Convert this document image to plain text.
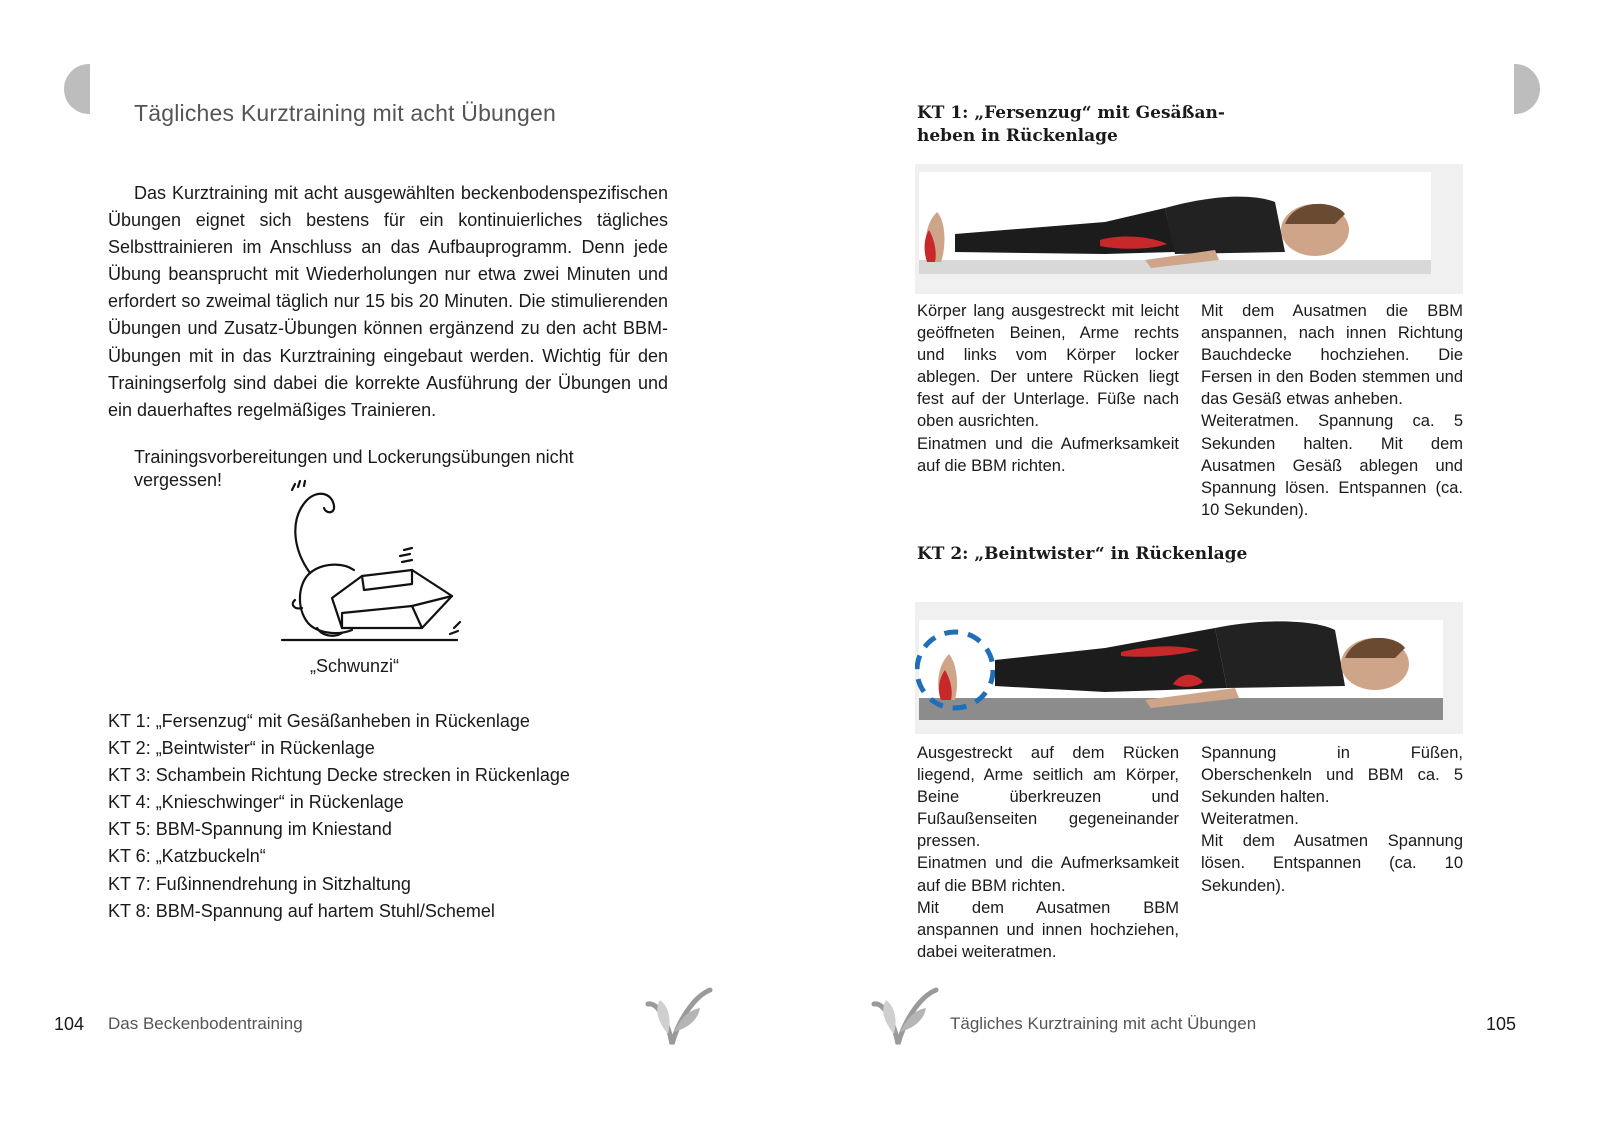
Tägliches Kurztraining mit acht Übungen

Das Kurztraining mit acht ausgewählten beckenbodenspezifischen Übungen eignet sich bestens für ein kontinuierliches tägliches Selbsttrainieren im Anschluss an das Aufbauprogramm. Denn jede Übung beansprucht mit Wiederholungen nur etwa zwei Minuten und erfordert so zweimal täglich nur 15 bis 20 Minuten. Die stimulierenden Übungen und Zusatz-Übungen können ergänzend zu den acht BBM-Übungen mit in das Kurztraining eingebaut werden. Wichtig für den Trainingserfolg sind dabei die korrekte Ausführung der Übungen und ein dauerhaftes regelmäßiges Trainieren.

Trainingsvorbereitungen und Lockerungsübungen nicht vergessen!

„Schwunzi“
KT 1: „Fersenzug“ mit Gesäßanheben in Rückenlage
KT 2: „Beintwister“ in Rückenlage
KT 3: Schambein Richtung Decke strecken in Rückenlage
KT 4: „Knieschwinger“ in Rückenlage
KT 5: BBM-Spannung im Kniestand
KT 6: „Katzbuckeln“
KT 7: Fußinnendrehung in Sitzhaltung
KT 8: BBM-Spannung auf hartem Stuhl/Schemel
104 Das Beckenbodentraining
KT 1: „Fersenzug“ mit Gesäßan-
heben in Rückenlage
Körper lang ausgestreckt mit leicht geöffneten Beinen, Arme rechts und links vom Körper locker ablegen. Der untere Rücken liegt fest auf der Unterlage. Füße nach oben ausrichten.
Einatmen und die Aufmerksamkeit auf die BBM richten.
Mit dem Ausatmen die BBM anspannen, nach innen Richtung Bauchdecke hochziehen. Die Fersen in den Boden stemmen und das Gesäß etwas anheben.
Weiteratmen. Spannung ca. 5 Sekunden halten. Mit dem Ausatmen Gesäß ablegen und Spannung lösen. Entspannen (ca. 10 Sekunden).
KT 2: „Beintwister“ in Rückenlage
Ausgestreckt auf dem Rücken liegend, Arme seitlich am Körper, Beine überkreuzen und Fußaußenseiten gegeneinander pressen.
Einatmen und die Aufmerksamkeit auf die BBM richten.
Mit dem Ausatmen BBM anspannen und innen hochziehen, dabei weiteratmen.
Spannung in Füßen, Oberschenkeln und BBM ca. 5 Sekunden halten.
Weiteratmen.
Mit dem Ausatmen Spannung lösen. Entspannen (ca. 10 Sekunden).
Tägliches Kurztraining mit acht Übungen	105
